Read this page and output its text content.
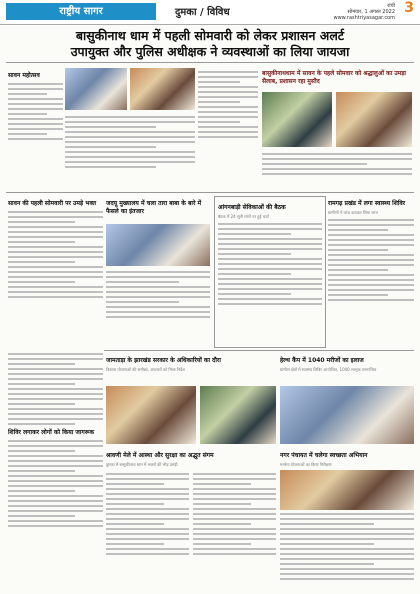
राष्ट्रीय सागर	दुमका / विविध
रांची
सोमवार, 1 अगस्त 2022
www.rashtriyasagar.com
3
बासुकीनाथ धाम में पहली सोमवारी को लेकर प्रशासन अलर्ट
उपायुक्त और पुलिस अधीक्षक ने व्यवस्थाओं का लिया जायजा
सावन महोत्सव	बासुकीनाथधाम में सावन के पहले सोमवार को श्रद्धालुओं का उमड़ा सैलाब, प्रशासन रहा मुस्तैद
सावन की पहली सोमवारी पर उमड़े भक्त	जदयू मुख्यालय में चला तारा बाबा के बारे में फैसले का इंतजार
आंगनबाड़ी सेविकाओं की बैठक
बैठक में 24 सूत्री मांगों पर हुई चर्चा
रामगढ़ प्रखंड में लगा स्वास्थ्य शिविर
ग्रामीणों ने जांच कराकर लिया लाभ
जामताड़ा के झारखंड सरकार के अधिकारियों का दौरा
विकास योजनाओं की समीक्षा, अफसरों को मिला निर्देश
हेल्थ कैंप में 1040 मरीजों का इलाज
ग्रामीण क्षेत्रों में स्वास्थ्य शिविर आयोजित, 1040 लाभुक लाभान्वित
शिविर लगाकर लोगों को किया जागरूक
श्रावणी मेले में आस्था और सुरक्षा का अद्भुत संगम
दुमका में बासुकीनाथ धाम में भक्तों की भीड़ उमड़ी
नगर पंचायत में चलेगा स्वच्छता अभियान
मनरेगा योजनाओं का किया निरीक्षण
